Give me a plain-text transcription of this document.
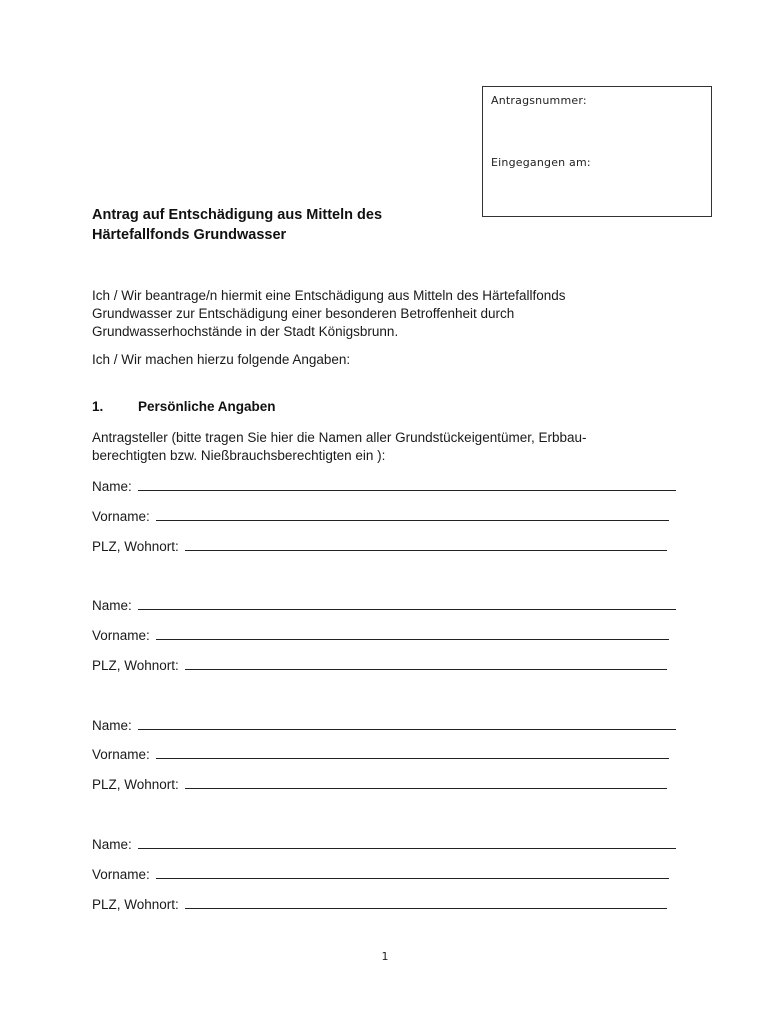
Antragsnummer:
Eingegangen am:
Antrag auf Entschädigung aus Mitteln des
Härtefallfonds Grundwasser
Ich / Wir beantrage/n hiermit eine Entschädigung aus Mitteln des Härtefallfonds
Grundwasser zur Entschädigung einer besonderen Betroffenheit durch
Grundwasserhochstände in der Stadt Königsbrunn.
Ich / Wir machen hierzu folgende Angaben:
1.	Persönliche Angaben
Antragsteller (bitte tragen Sie hier die Namen aller Grundstückeigentümer, Erbbau-
berechtigten bzw. Nießbrauchsberechtigten ein ):
Name:
Vorname:
PLZ, Wohnort:
Name:
Vorname:
PLZ, Wohnort:
Name:
Vorname:
PLZ, Wohnort:
Name:
Vorname:
PLZ, Wohnort:
1
